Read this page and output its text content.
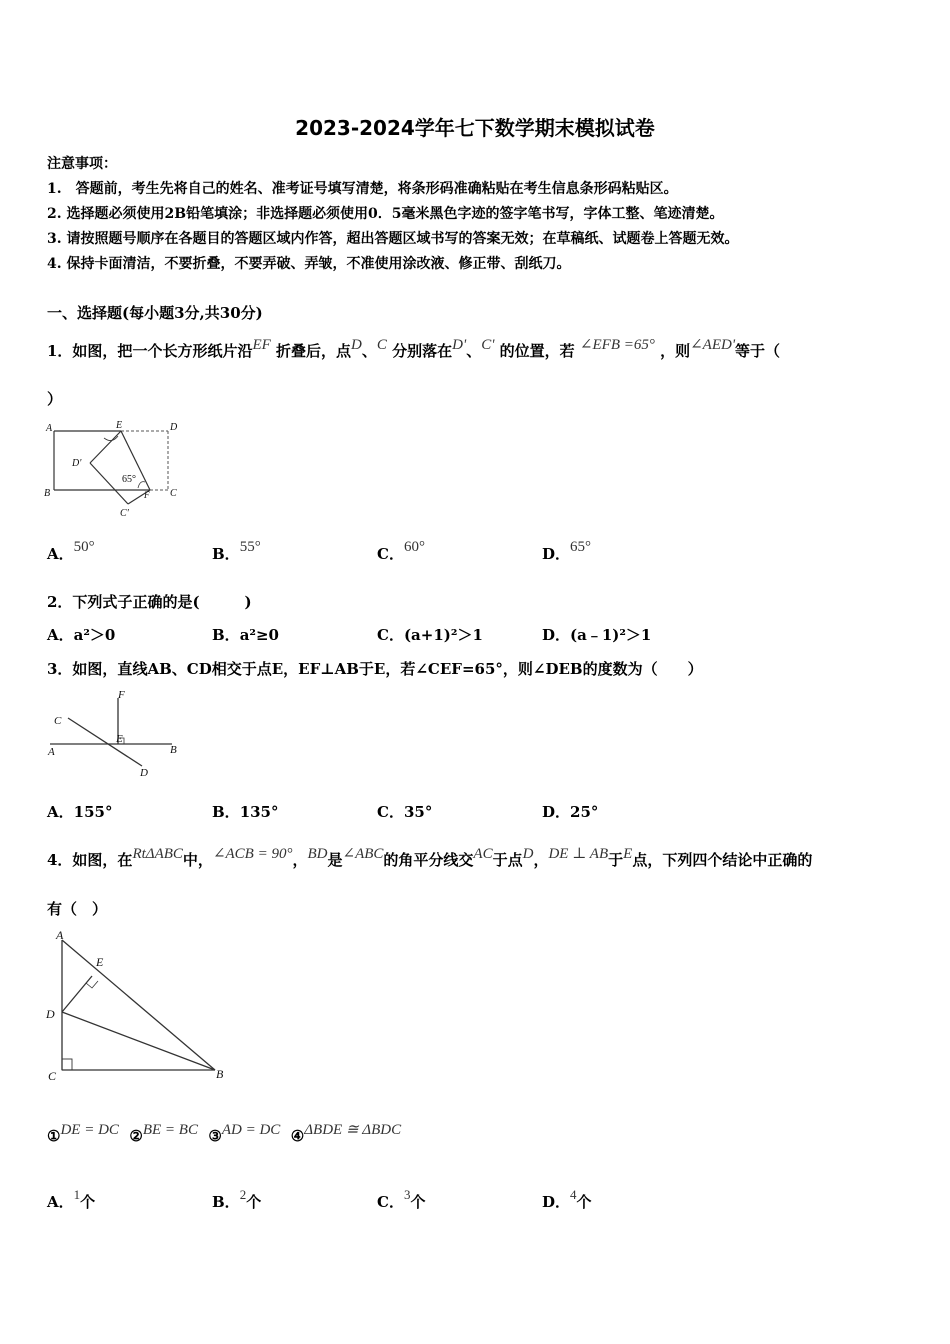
2023-2024学年七下数学期末模拟试卷
注意事项：
1.　答题前，考生先将自己的姓名、准考证号填写清楚，将条形码准确粘贴在考生信息条形码粘贴区。
2. 选择题必须使用2B铅笔填涂；非选择题必须使用0．5毫米黑色字迹的签字笔书写，字体工整、笔迹清楚。
3. 请按照题号顺序在各题目的答题区域内作答，超出答题区域书写的答案无效；在草稿纸、试题卷上答题无效。
4. 保持卡面清洁，不要折叠，不要弄破、弄皱，不准使用涂改液、修正带、刮纸刀。
一、选择题(每小题3分,共30分)
1．如图，把一个长方形纸片沿EF 折叠后，点D、C 分别落在D'、C' 的位置，若 ∠EFB =65° ，则∠AED'等于（
）
A	E	D
D'
B	F C
C'
65°
A．50°	B．55°	C．60°	D．65°
2．下列式子正确的是(　　　)
A．a²＞0	B．a²≥0	C．(a+1)²＞1	D．(a﹣1)²＞1
3．如图，直线AB、CD相交于点E，EF⊥AB于E，若∠CEF=65°，则∠DEB的度数为（　　）
F
C
E
A	B
D
A．155°	B．135°	C．35°	D．25°
4．如图，在RtΔABC中，∠ACB = 90°，BD是∠ABC的角平分线交AC于点D，DE ⊥ AB于E点，下列四个结论中正确的
有（　）
A
E
D
C	B
①DE = DC ②BE = BC ③AD = DC ④ΔBDE ≅ ΔBDC
A．1个	B．2个	C．3个	D．4个
